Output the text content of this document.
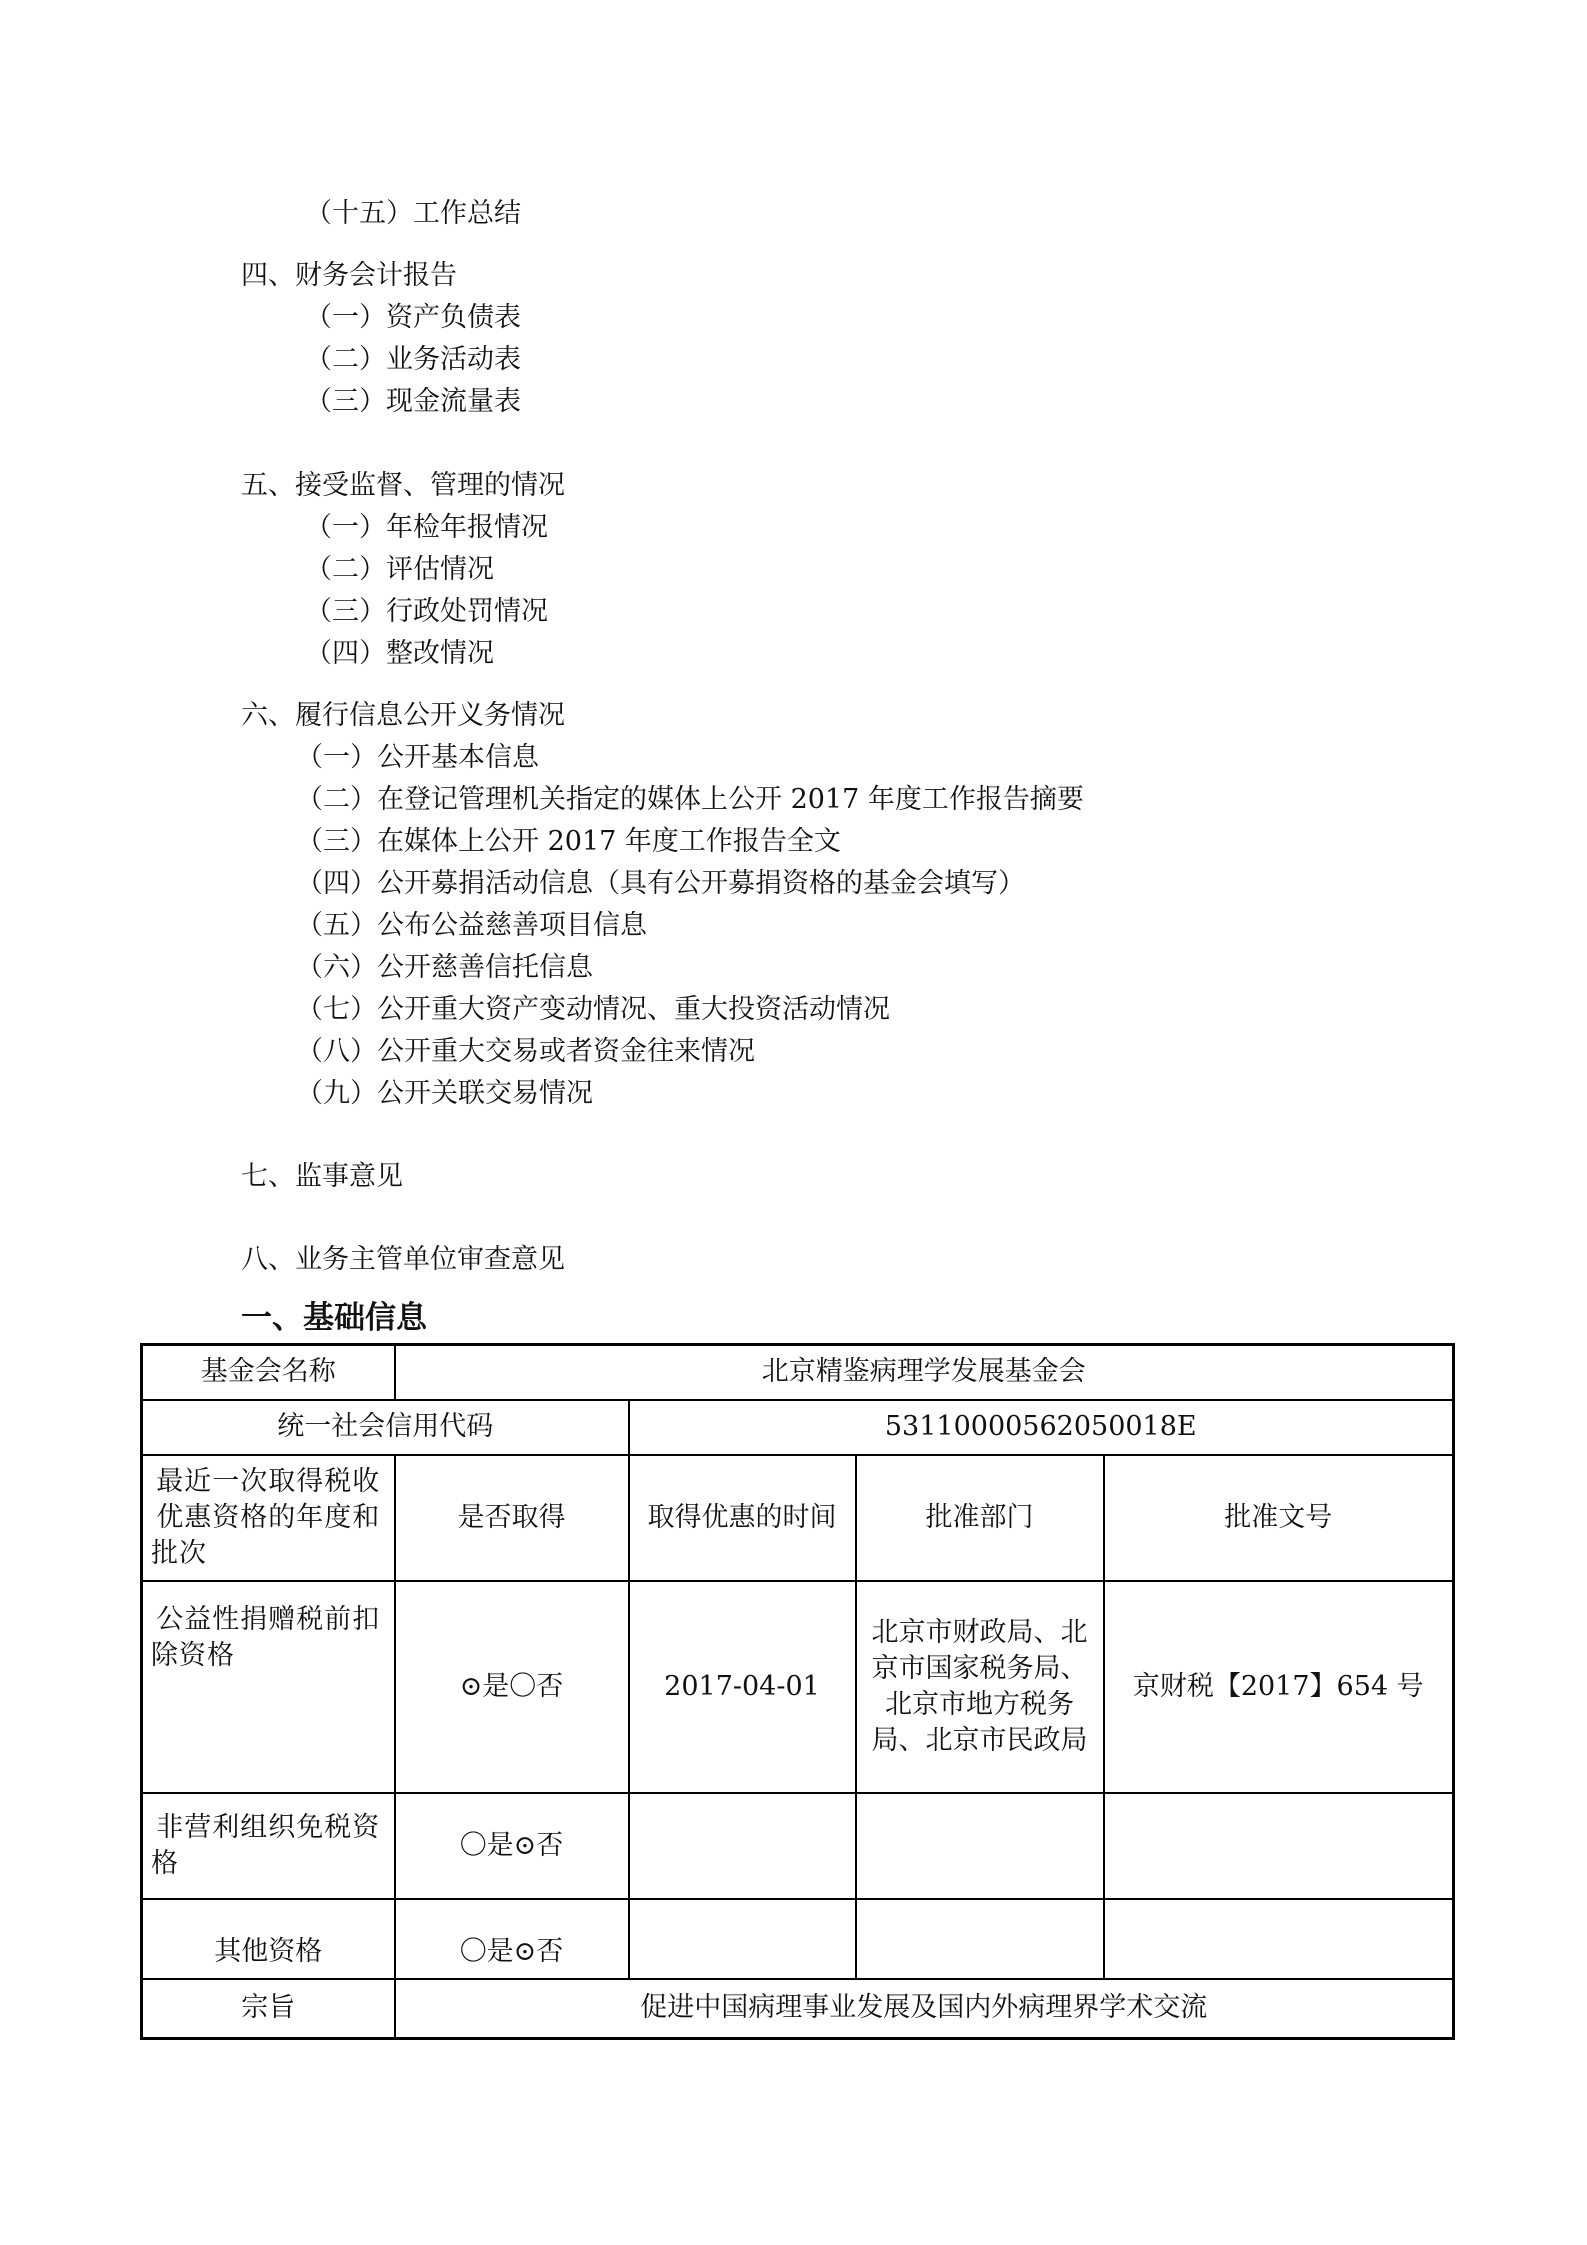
（十五）工作总结
四、财务会计报告
（一）资产负债表
（二）业务活动表
（三）现金流量表
五、接受监督、管理的情况
（一）年检年报情况
（二）评估情况
（三）行政处罚情况
（四）整改情况
六、履行信息公开义务情况
（一）公开基本信息
（二）在登记管理机关指定的媒体上公开 2017 年度工作报告摘要
（三）在媒体上公开 2017 年度工作报告全文
（四）公开募捐活动信息（具有公开募捐资格的基金会填写）
（五）公布公益慈善项目信息
（六）公开慈善信托信息
（七）公开重大资产变动情况、重大投资活动情况
（八）公开重大交易或者资金往来情况
（九）公开关联交易情况
七、监事意见
八、业务主管单位审查意见
一、基础信息
基金会名称	北京精鉴病理学发展基金会			
统一社会信用代码		53110000562050018E		
最近一次取得税收优惠资格的年度和批次	是否取得	取得优惠的时间	批准部门	批准文号
公益性捐赠税前扣除资格	⊙是〇否	2017-04-01	北京市财政局、北京市国家税务局、北京市地方税务局、北京市民政局	京财税【2017】654 号
非营利组织免税资格	〇是⊙否			
其他资格	〇是⊙否			
宗旨	促进中国病理事业发展及国内外病理界学术交流			
